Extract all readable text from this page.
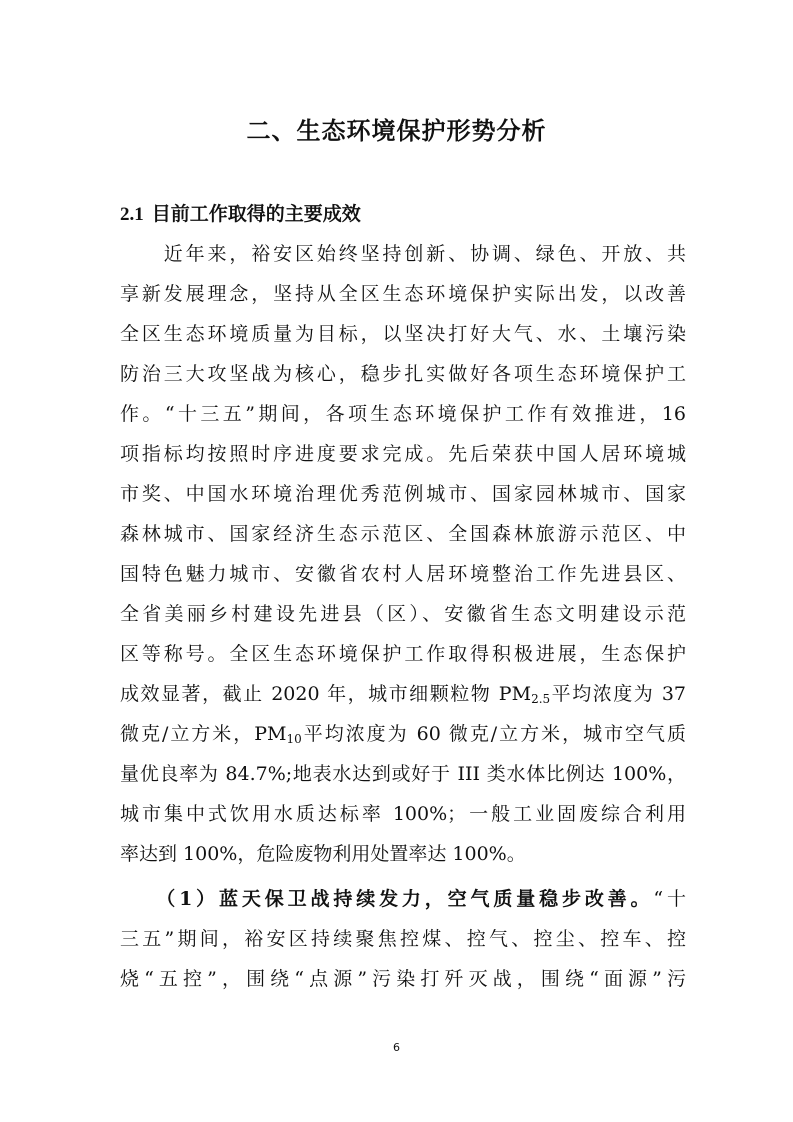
二、生态环境保护形势分析
2.1 目前工作取得的主要成效
　　近年来，裕安区始终坚持创新、协调、绿色、开放、共
享新发展理念，坚持从全区生态环境保护实际出发，以改善
全区生态环境质量为目标，以坚决打好大气、水、土壤污染
防治三大攻坚战为核心，稳步扎实做好各项生态环境保护工
作。“十三五”期间，各项生态环境保护工作有效推进，16
项指标均按照时序进度要求完成。先后荣获中国人居环境城
市奖、中国水环境治理优秀范例城市、国家园林城市、国家
森林城市、国家经济生态示范区、全国森林旅游示范区、中
国特色魅力城市、安徽省农村人居环境整治工作先进县区、
全省美丽乡村建设先进县（区）、安徽省生态文明建设示范
区等称号。全区生态环境保护工作取得积极进展，生态保护
成效显著，截止 2020 年，城市细颗粒物 $PM_{2.5}$平均浓度为 37
微克/立方米，$PM_{10}$平均浓度为 60 微克/立方米，城市空气质
量优良率为 84.7%;地表水达到或好于 III 类水体比例达 100%，
城市集中式饮用水质达标率 100%；一般工业固废综合利用
率达到 100%，危险废物利用处置率达 100%。
　　（1）蓝天保卫战持续发力，空气质量稳步改善。“十
三五”期间，裕安区持续聚焦控煤、控气、控尘、控车、控
烧“五控”，围绕“点源”污染打歼灭战，围绕“面源”污
6
